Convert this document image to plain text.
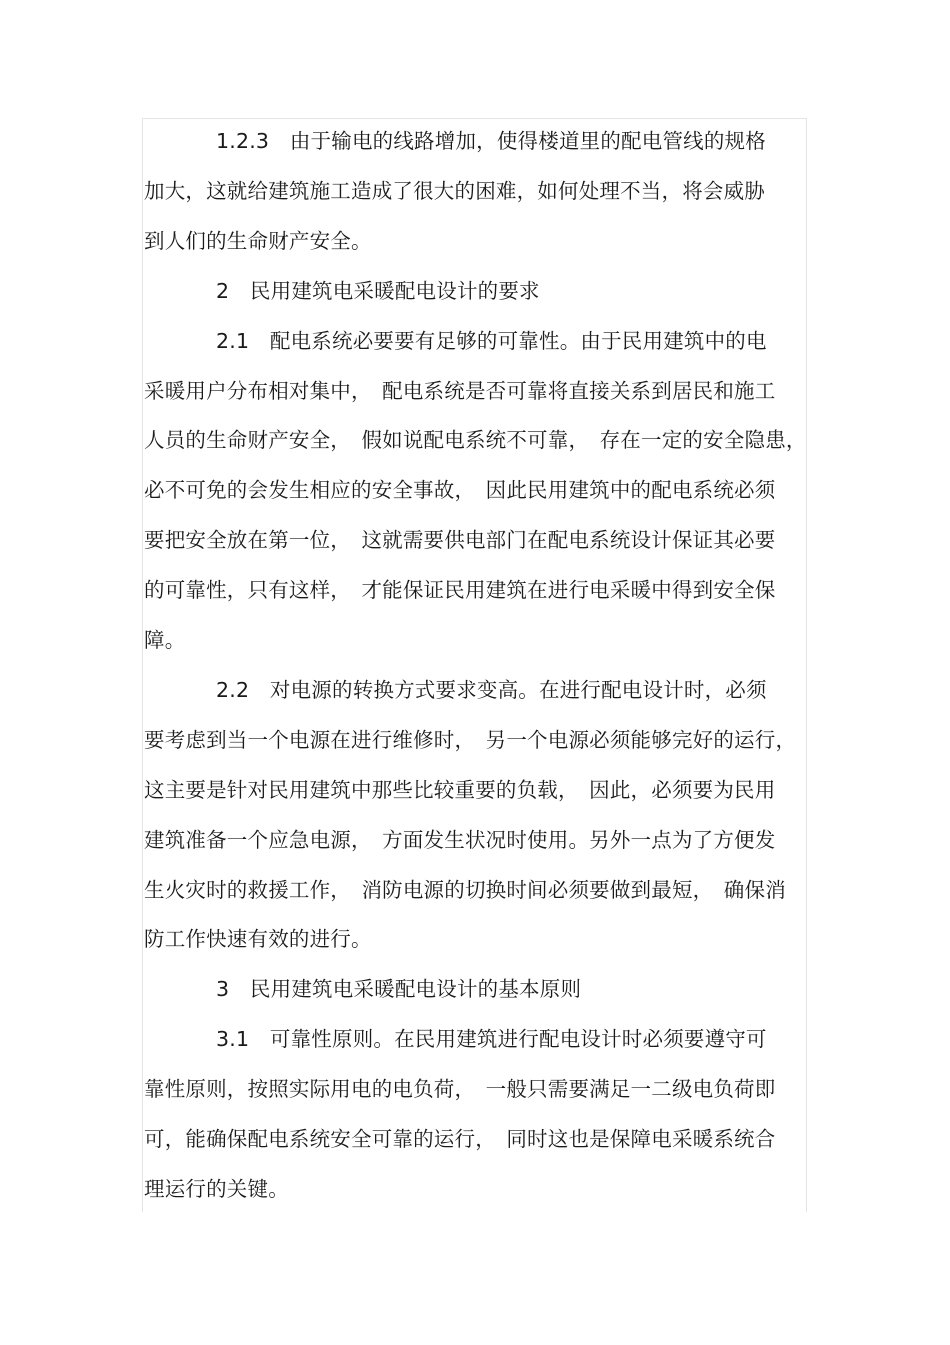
1.2.3　由于输电的线路增加，使得楼道里的配电管线的规格
加大，这就给建筑施工造成了很大的困难，如何处理不当，将会威胁
到人们的生命财产安全。
2　民用建筑电采暖配电设计的要求
2.1　配电系统必要要有足够的可靠性。由于民用建筑中的电
采暖用户分布相对集中，　配电系统是否可靠将直接关系到居民和施工
人员的生命财产安全，　假如说配电系统不可靠，　存在一定的安全隐患，
必不可免的会发生相应的安全事故，　因此民用建筑中的配电系统必须
要把安全放在第一位，　这就需要供电部门在配电系统设计保证其必要
的可靠性，只有这样，　才能保证民用建筑在进行电采暖中得到安全保
障。
2.2　对电源的转换方式要求变高。在进行配电设计时，必须
要考虑到当一个电源在进行维修时，　另一个电源必须能够完好的运行，
这主要是针对民用建筑中那些比较重要的负载，　因此，必须要为民用
建筑准备一个应急电源，　方面发生状况时使用。另外一点为了方便发
生火灾时的救援工作，　消防电源的切换时间必须要做到最短，　确保消
防工作快速有效的进行。
3　民用建筑电采暖配电设计的基本原则
3.1　可靠性原则。在民用建筑进行配电设计时必须要遵守可
靠性原则，按照实际用电的电负荷，　一般只需要满足一二级电负荷即
可，能确保配电系统安全可靠的运行，　同时这也是保障电采暖系统合
理运行的关键。
